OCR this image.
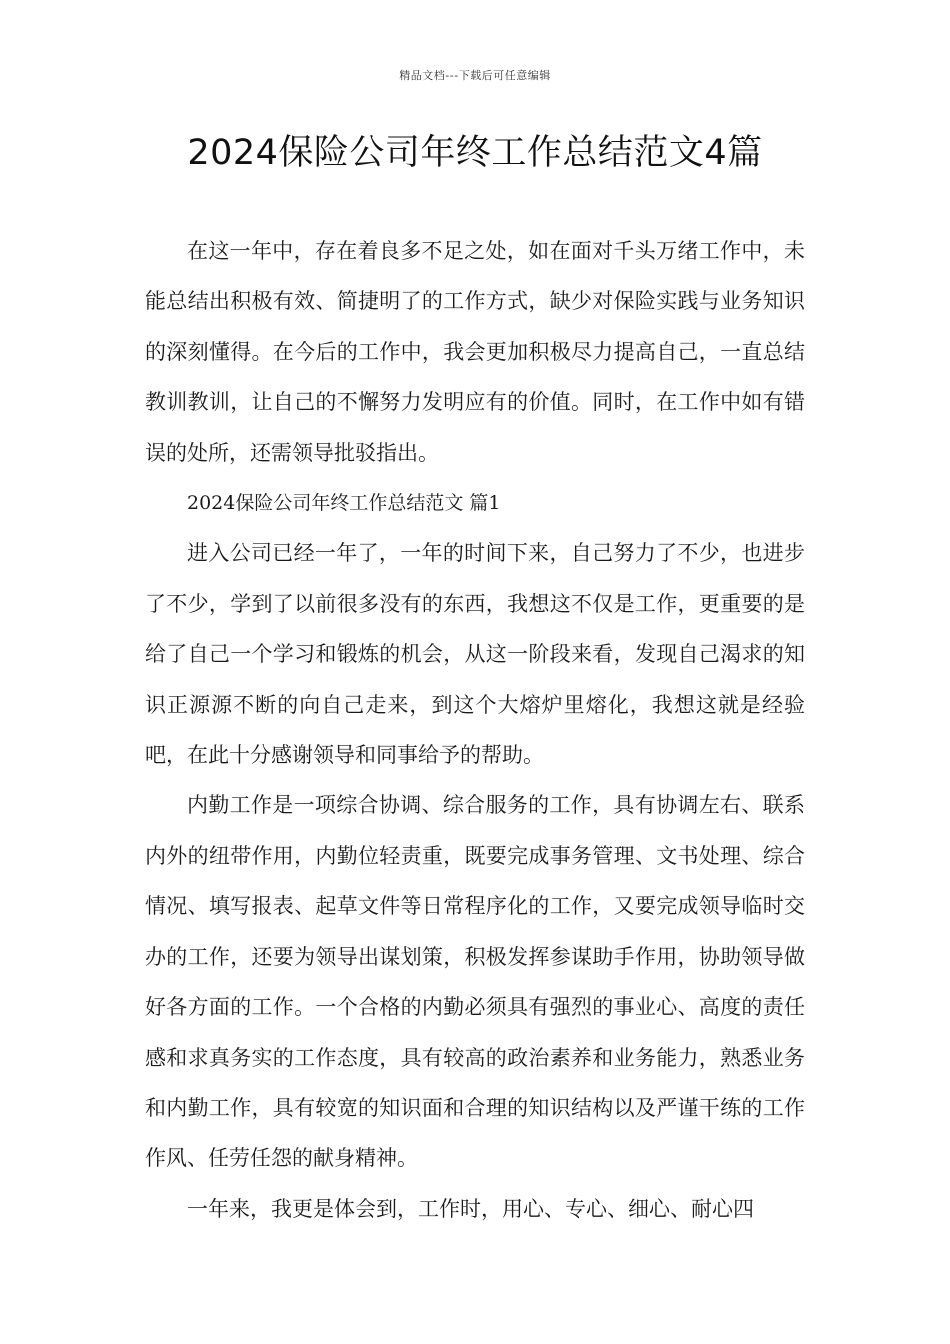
精品文档---下载后可任意编辑
2024保险公司年终工作总结范文4篇

在这一年中，存在着良多不足之处，如在面对千头万绪工作中，未能总结出积极有效、简捷明了的工作方式，缺少对保险实践与业务知识的深刻懂得。在今后的工作中，我会更加积极尽力提高自己，一直总结教训教训，让自己的不懈努力发明应有的价值。同时，在工作中如有错误的处所，还需领导批驳指出。

2024保险公司年终工作总结范文 篇1

进入公司已经一年了，一年的时间下来，自己努力了不少，也进步了不少，学到了以前很多没有的东西，我想这不仅是工作，更重要的是给了自己一个学习和锻炼的机会，从这一阶段来看，发现自己渴求的知识正源源不断的向自己走来，到这个大熔炉里熔化，我想这就是经验吧，在此十分感谢领导和同事给予的帮助。

内勤工作是一项综合协调、综合服务的工作，具有协调左右、联系内外的纽带作用，内勤位轻责重，既要完成事务管理、文书处理、综合情况、填写报表、起草文件等日常程序化的工作，又要完成领导临时交办的工作，还要为领导出谋划策，积极发挥参谋助手作用，协助领导做好各方面的工作。一个合格的内勤必须具有强烈的事业心、高度的责任感和求真务实的工作态度，具有较高的政治素养和业务能力，熟悉业务和内勤工作，具有较宽的知识面和合理的知识结构以及严谨干练的工作作风、任劳任怨的献身精神。

一年来，我更是体会到，工作时，用心、专心、细心、耐心四
